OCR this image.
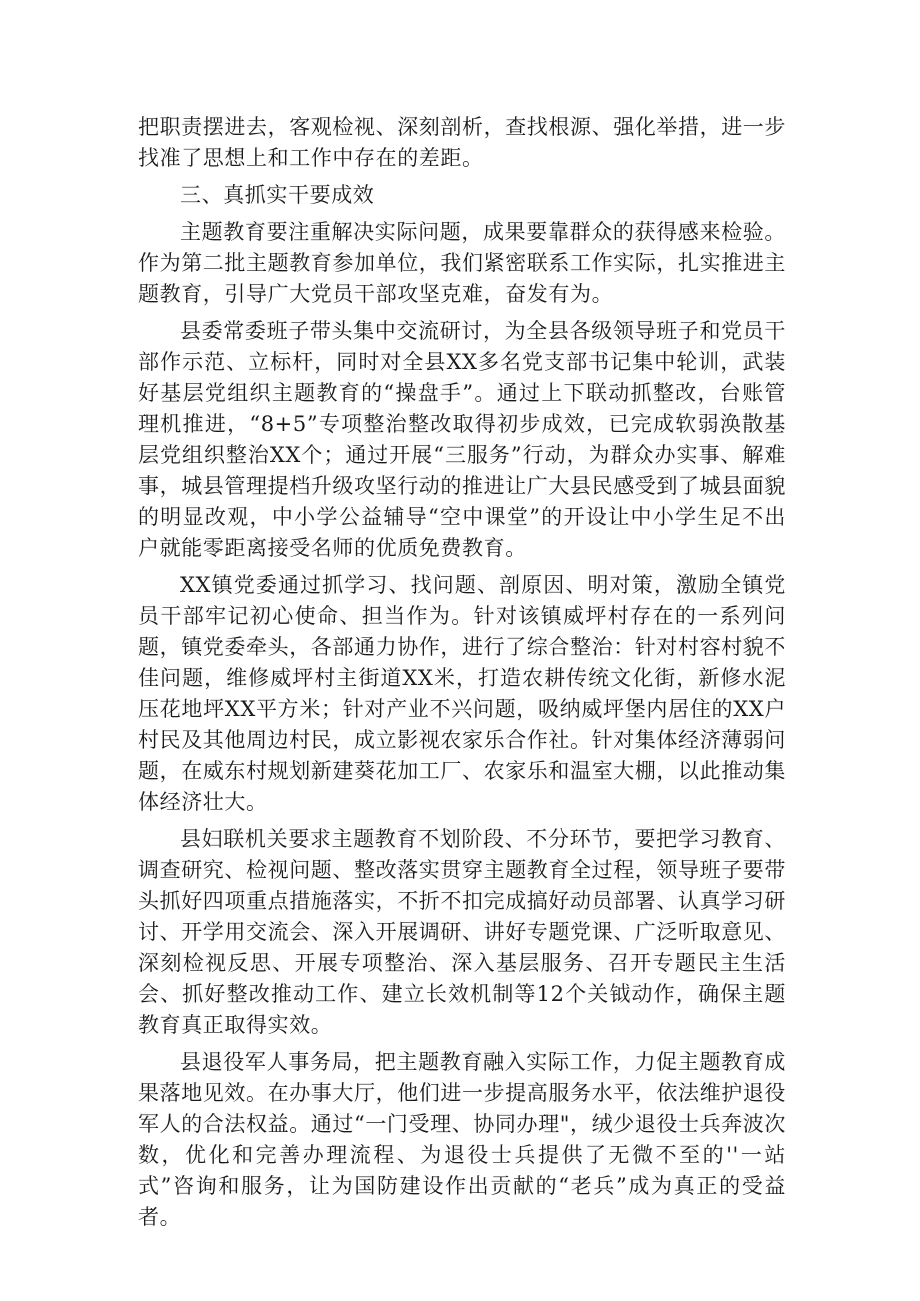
把职责摆进去，客观检视、深刻剖析，查找根源、强化举措，进一步找准了思想上和工作中存在的差距。

三、真抓实干要成效

主题教育要注重解决实际问题，成果要靠群众的获得感来检验。作为第二批主题教育参加单位，我们紧密联系工作实际，扎实推进主题教育，引导广大党员干部攻坚克难，奋发有为。

县委常委班子带头集中交流研讨，为全县各级领导班子和党员干部作示范、立标杆，同时对全县XX多名党支部书记集中轮训，武装好基层党组织主题教育的“操盘手”。通过上下联动抓整改，台账管理机推进，“8+5”专项整治整改取得初步成效，已完成软弱涣散基层党组织整治XX个；通过开展“三服务”行动，为群众办实事、解难事，城县管理提档升级攻坚行动的推进让广大县民感受到了城县面貌的明显改观，中小学公益辅导“空中课堂”的开设让中小学生足不出户就能零距离接受名师的优质免费教育。

XX镇党委通过抓学习、找问题、剖原因、明对策，激励全镇党员干部牢记初心使命、担当作为。针对该镇威坪村存在的一系列问题，镇党委牵头，各部通力协作，进行了综合整治：针对村容村貌不佳问题，维修威坪村主街道XX米，打造农耕传统文化街，新修水泥压花地坪XX平方米；针对产业不兴问题，吸纳威坪堡内居住的XX户村民及其他周边村民，成立影视农家乐合作社。针对集体经济薄弱问题，在威东村规划新建葵花加工厂、农家乐和温室大棚，以此推动集体经济壮大。

县妇联机关要求主题教育不划阶段、不分环节，要把学习教育、调查研究、检视问题、整改落实贯穿主题教育全过程，领导班子要带头抓好四项重点措施落实，不折不扣完成搞好动员部署、认真学习研讨、开学用交流会、深入开展调研、讲好专题党课、广泛听取意见、深刻检视反思、开展专项整治、深入基层服务、召开专题民主生活会、抓好整改推动工作、建立长效机制等12个关钺动作，确保主题教育真正取得实效。

县退役军人事务局，把主题教育融入实际工作，力促主题教育成果落地见效。在办事大厅，他们进一步提高服务水平，依法维护退役军人的合法权益。通过“一门受理、协同办理"，绒少退役士兵奔波次数，优化和完善办理流程、为退役士兵提供了无微不至的''一站式”咨询和服务，让为国防建设作出贡献的“老兵”成为真正的受益者。
